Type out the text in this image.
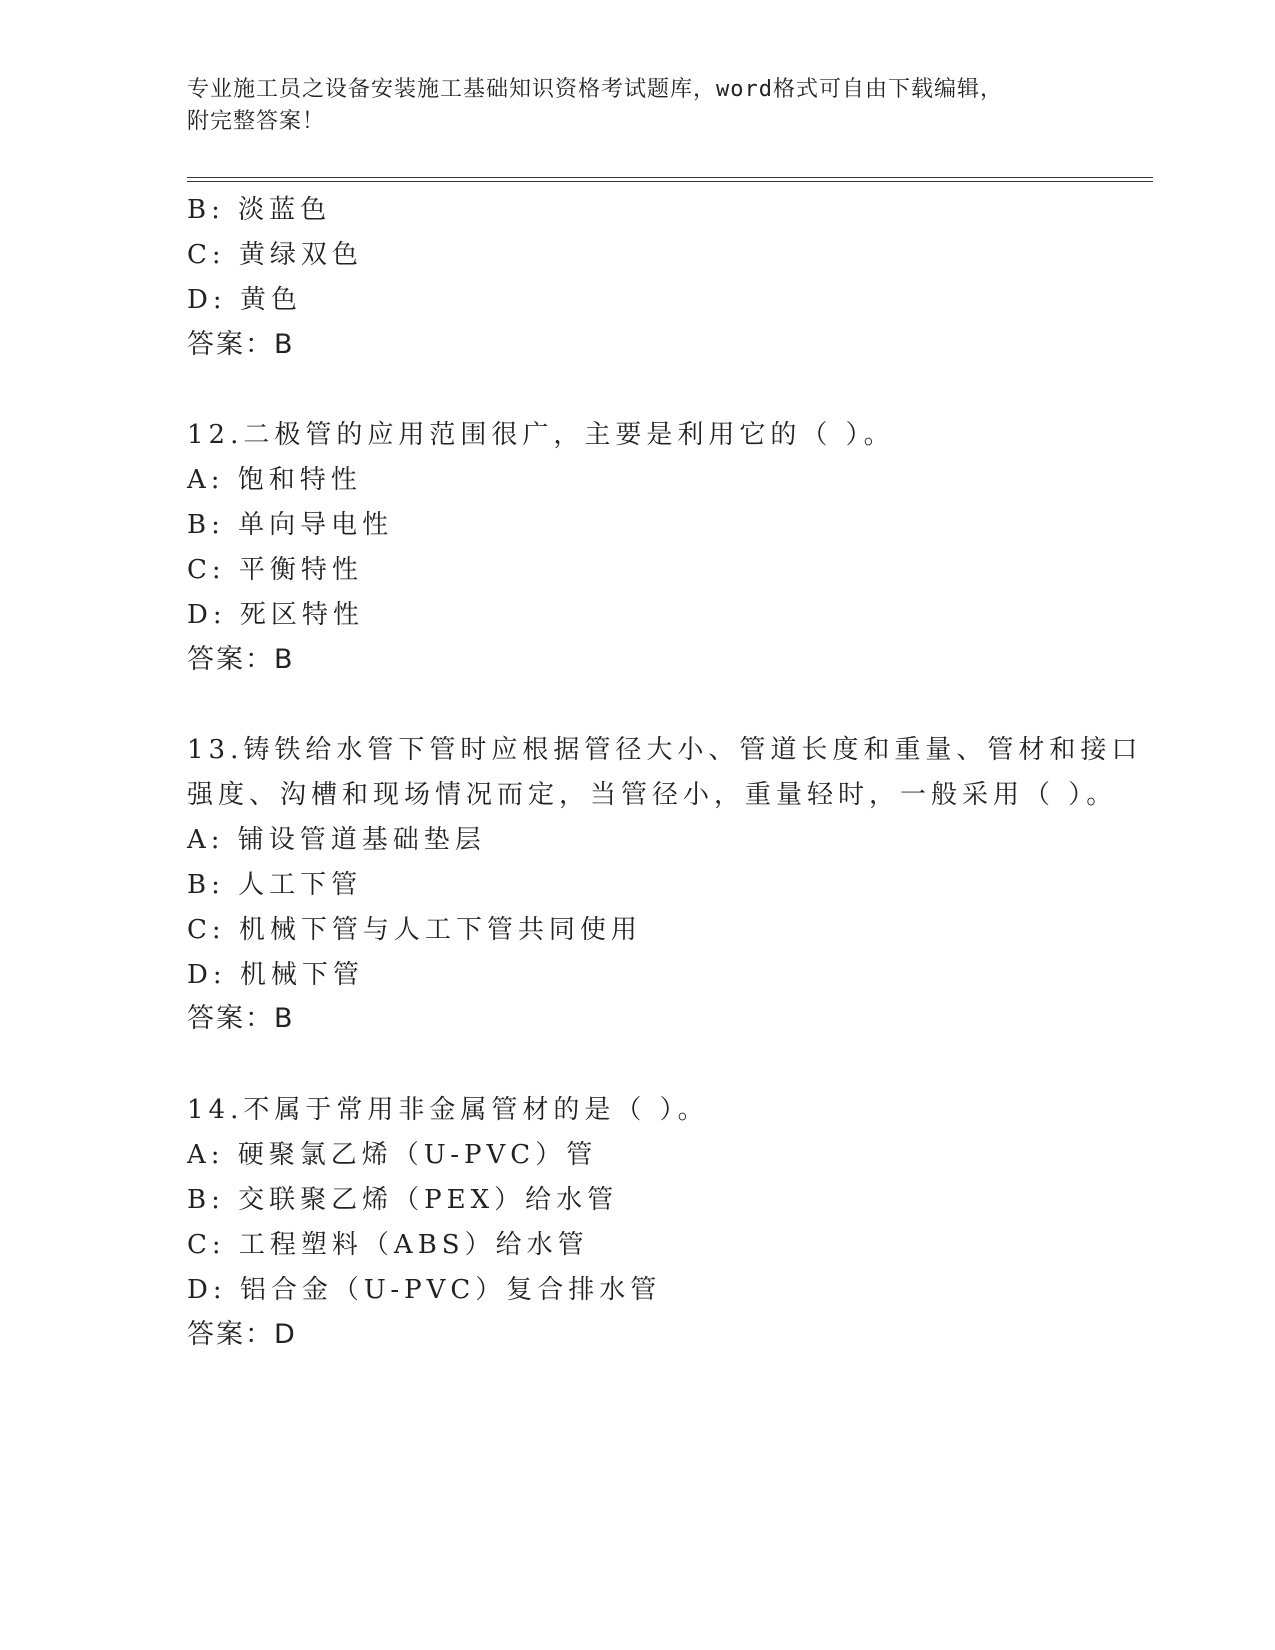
专业施工员之设备安装施工基础知识资格考试题库，word格式可自由下载编辑，
附完整答案！
B: 淡蓝色
C: 黄绿双色
D: 黄色
答案：B
12.二极管的应用范围很广，主要是利用它的（ ）。
A: 饱和特性
B: 单向导电性
C: 平衡特性
D: 死区特性
答案：B
13.铸铁给水管下管时应根据管径大小、管道长度和重量、管材和接口
强度、沟槽和现场情况而定，当管径小，重量轻时，一般采用（ ）。
A: 铺设管道基础垫层
B: 人工下管
C: 机械下管与人工下管共同使用
D: 机械下管
答案：B
14.不属于常用非金属管材的是（ ）。
A: 硬聚氯乙烯（U-PVC）管
B: 交联聚乙烯（PEX）给水管
C: 工程塑料（ABS）给水管
D: 铝合金（U-PVC）复合排水管
答案：D
